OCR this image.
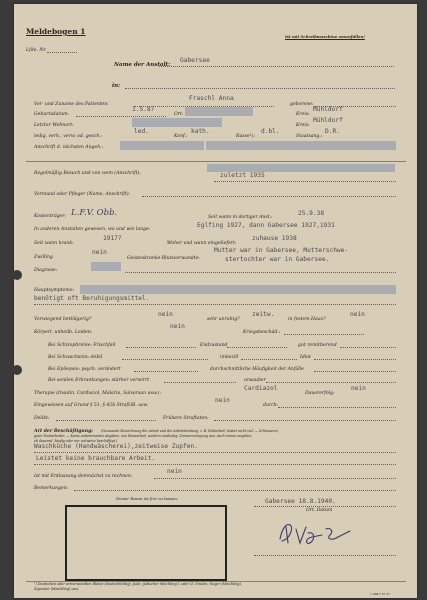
Meldebogen 1
Ist mit Schreibmaschine auszufüllen!
Lfde. Nr.
Name der Anstalt:
Gabersee
in:
Vor- und Zuname des Patienten:
Fraschl Anna
geborene:
Geburtsdatum:
1.5.87
Ort:	Kreis:
Mühldorf
Letzter Wohnort:	Kreis:
Mühldorf
ledig, verh., verw. od. gesch.:
led.
Konf.:
kath.
Rasse¹):
d.bl.
Staatsang.:
D.R.
Anschrift d. nächsten Angeh.:
Regelmäßig Besuch und von wem (Anschrift):	zuletzt 1935
Vormund oder Pfleger (Name, Anschrift):
Kostenträger: L.F.V. Obb.	Seit wann in dortiger Anst.:
25.9.38
In anderen Anstalten gewesen, wo und wie lange:
Eglfing 1927, dann Gabersee 1927,1931
Seit wann krank:
1917?
Woher und wann eingeliefert:
zuhause 1938
Zwilling
nein
Geisteskranke Blutsverwandte:
Mutter war in Gabersee, Mutterschwe-
stertochter war in Gabersee.
Diagnose:
Hauptsymptome:
benötigt oft Beruhigungsmittel.
Vorwiegend bettlägerig?
nein
sehr unruhig?
zeitw.
in festem Haus?
nein
Körperl. unheilb. Leiden:
nein
Kriegsbeschäd.:
Bei Schizophrenie: Frischfall	Endzustand	gut remittierend
Bei Schwachsinn: debil	imbezill	Idiot
Bei Epilepsie: psych. verändert	durchschnittliche Häufigkeit der Anfälle
Bei senilen Erkrankungen: stärker verwirrt	unsauber
Therapie (Insulin, Cardiazol, Malaria, Salvarsan usw.):
Cardiazol
Dauererfolg:
nein
Eingewiesen auf Grund § 51, § 42b StrafGB. usw.
nein
durch:
Delikt:	Frühere Straftaten:
Art der Beschäftigung: (Genaueste Bezeichnung der Arbeit und der Arbeitsleistung, z. B. Feldarbeit, leistet nicht viel. — Schlosserei,
guter Facharbeiter. — Keine unbestimmten Angaben, wie Hausarbeit, sondern eindeutig: Zimmerreinigung usw. Auch immer angeben,
ob dauernd, häufig oder nur zeitweise beschäftigt.)
Waschküche (Handwäscherei),zeitweise Zupfen.
Leistet keine brauchbare Arbeit.
Ist mit Entlassung demnächst zu rechnen:
nein
Bemerkungen:
Dieser Raum ist frei zu lassen.	Gabersee 18.8.1940.
Ort, Datum
¹) Deutschen oder artverwandten Blutes (deutschblütig), Jude, jüdischer Mischling I. oder II. Grades, Neger (Mischling),
Zigeuner (Mischling) usw.
1 4847 35 37
